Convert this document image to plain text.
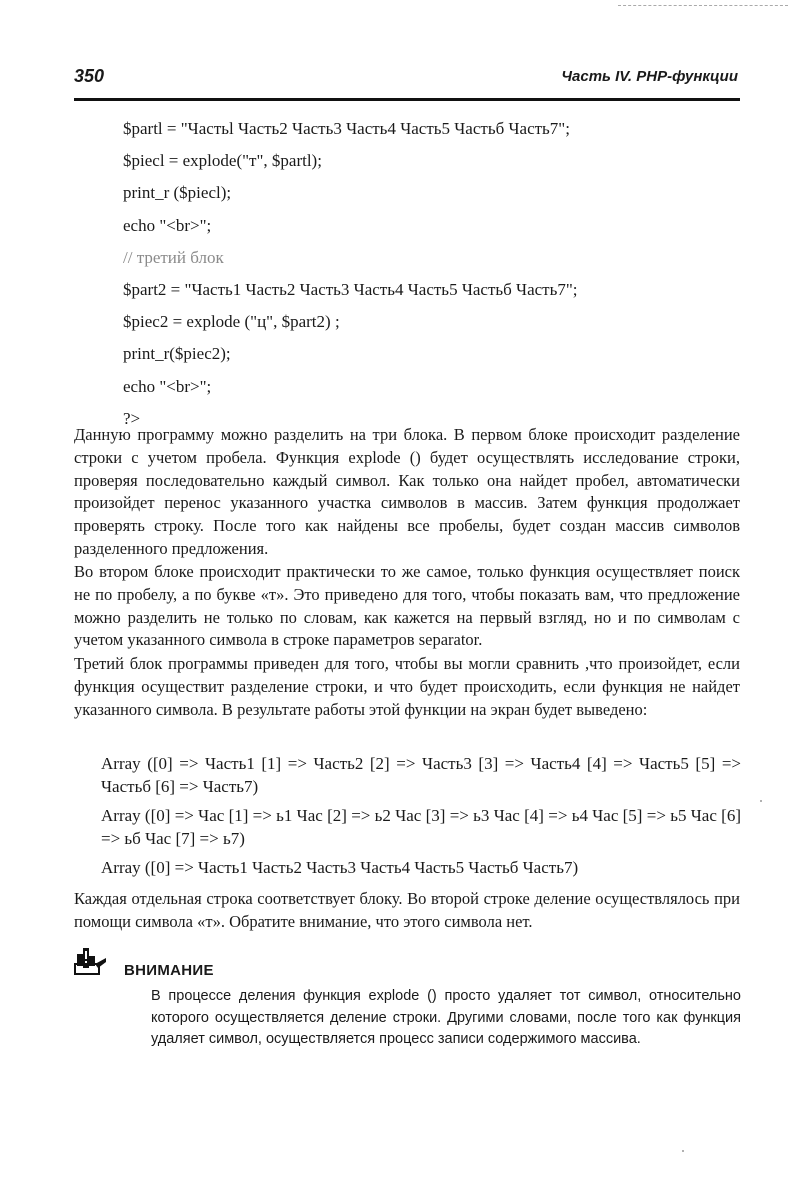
350	Часть IV. PHP-функции
$partl = "Частьl Часть2 Часть3 Часть4 Часть5 Частьб Часть7";
$piecl = explode("т", $partl);
print_r ($piecl);
echo "<br>";
// третий блок
$part2 = "Часть1 Часть2 Часть3 Часть4 Часть5 Частьб Часть7";
$piec2 = explode ("ц", $part2) ;
print_r($piec2);
echo "<br>";
?>

Данную программу можно разделить на три блока. В первом блоке происходит разделение строки с учетом пробела. Функция explode () будет осуществлять исследование строки, проверяя последовательно каждый символ. Как только она найдет пробел, автоматически произойдет перенос указанного участка символов в массив. Затем функция продолжает проверять строку. После того как найдены все пробелы, будет создан массив символов разделенного предложения.

Во втором блоке происходит практически то же самое, только функция осуществляет поиск не по пробелу, а по букве «т». Это приведено для того, чтобы показать вам, что предложение можно разделить не только по словам, как кажется на первый взгляд, но и по символам с учетом указанного символа в строке параметров separator.

Третий блок программы приведен для того, чтобы вы могли сравнить ,что произойдет, если функция осуществит разделение строки, и что будет происходить, если функция не найдет указанного символа. В результате работы этой функции на экран будет выведено:

Array ([0] => Часть1 [1] => Часть2 [2] => Часть3 [3] => Часть4 [4] => Часть5 [5] => Частьб [6] => Часть7)

Array ([0] => Час [1] => ь1 Час [2] => ь2 Час [3] => ь3 Час [4] => ь4 Час [5] => ь5 Час [6] => ьб Час [7] => ь7)

Array ([0] => Часть1 Часть2 Часть3 Часть4 Часть5 Частьб Часть7)

Каждая отдельная строка соответствует блоку. Во второй строке деление осуществлялось при помощи символа «т». Обратите внимание, что этого символа нет.

ВНИМАНИЕ

В процессе деления функция explode () просто удаляет тот символ, относительно которого осуществляется деление строки. Другими словами, после того как функция удаляет символ, осуществляется процесс записи содержимого массива.
